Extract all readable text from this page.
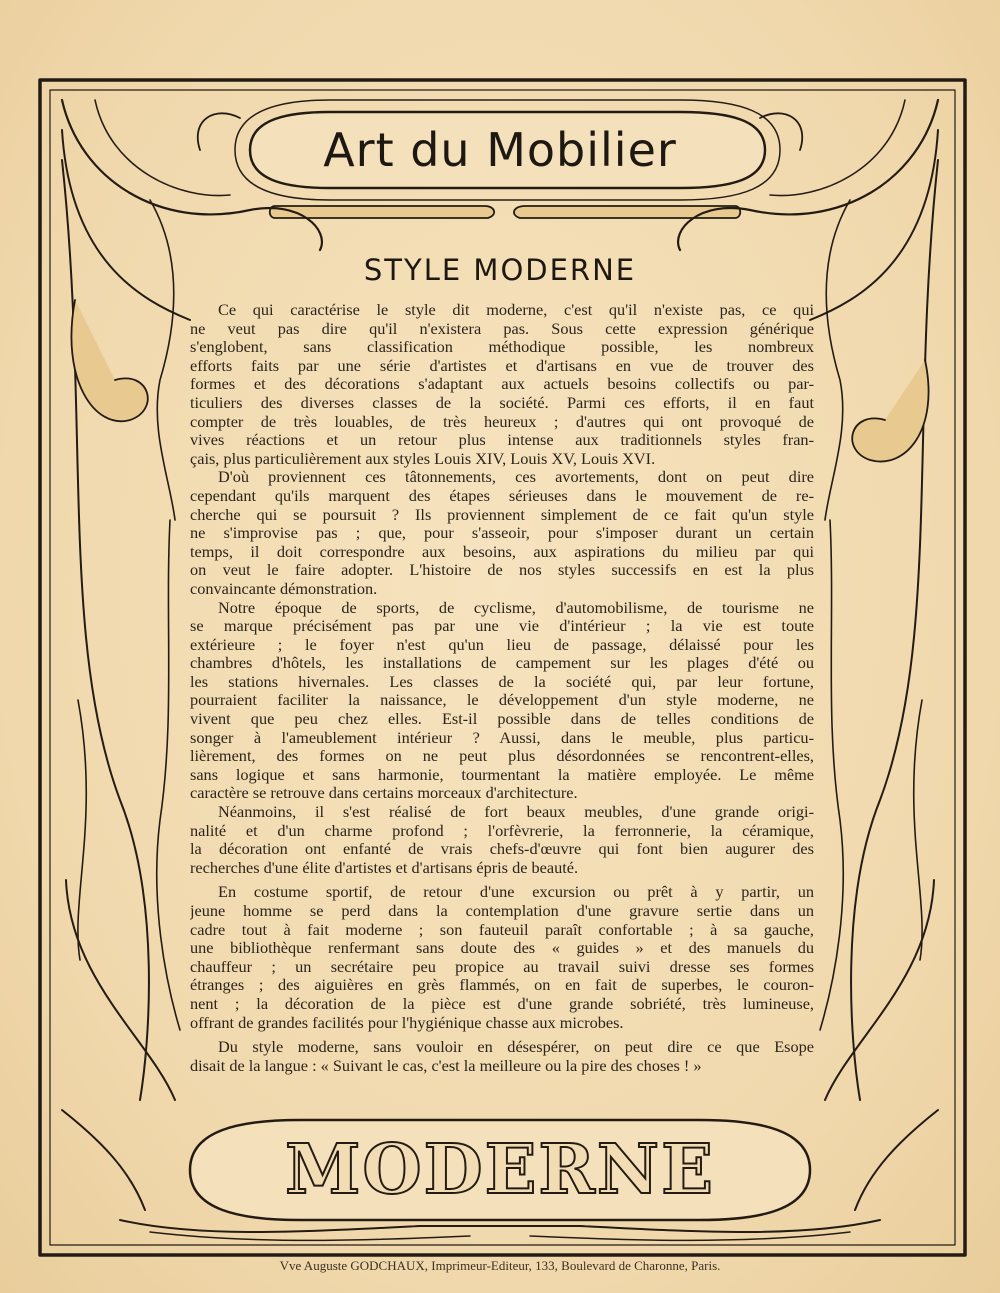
Art du Mobilier
STYLE MODERNE
Ce qui caractérise le style dit moderne, c'est qu'il n'existe pas, ce qui
ne veut pas dire qu'il n'existera pas. Sous cette expression générique
s'englobent, sans classification méthodique possible, les nombreux
efforts faits par une série d'artistes et d'artisans en vue de trouver des
formes et des décorations s'adaptant aux actuels besoins collectifs ou par-
ticuliers des diverses classes de la société. Parmi ces efforts, il en faut
compter de très louables, de très heureux ; d'autres qui ont provoqué de
vives réactions et un retour plus intense aux traditionnels styles fran-
çais, plus particulièrement aux styles Louis XIV, Louis XV, Louis XVI.
D'où proviennent ces tâtonnements, ces avortements, dont on peut dire
cependant qu'ils marquent des étapes sérieuses dans le mouvement de re-
cherche qui se poursuit ? Ils proviennent simplement de ce fait qu'un style
ne s'improvise pas ; que, pour s'asseoir, pour s'imposer durant un certain
temps, il doit correspondre aux besoins, aux aspirations du milieu par qui
on veut le faire adopter. L'histoire de nos styles successifs en est la plus
convaincante démonstration.
Notre époque de sports, de cyclisme, d'automobilisme, de tourisme ne
se marque précisément pas par une vie d'intérieur ; la vie est toute
extérieure ; le foyer n'est qu'un lieu de passage, délaissé pour les
chambres d'hôtels, les installations de campement sur les plages d'été ou
les stations hivernales. Les classes de la société qui, par leur fortune,
pourraient faciliter la naissance, le développement d'un style moderne, ne
vivent que peu chez elles. Est-il possible dans de telles conditions de
songer à l'ameublement intérieur ? Aussi, dans le meuble, plus particu-
lièrement, des formes on ne peut plus désordonnées se rencontrent-elles,
sans logique et sans harmonie, tourmentant la matière employée. Le même
caractère se retrouve dans certains morceaux d'architecture.
Néanmoins, il s'est réalisé de fort beaux meubles, d'une grande origi-
nalité et d'un charme profond ; l'orfèvrerie, la ferronnerie, la céramique,
la décoration ont enfanté de vrais chefs-d'œuvre qui font bien augurer des
recherches d'une élite d'artistes et d'artisans épris de beauté.
En costume sportif, de retour d'une excursion ou prêt à y partir, un
jeune homme se perd dans la contemplation d'une gravure sertie dans un
cadre tout à fait moderne ; son fauteuil paraît confortable ; à sa gauche,
une bibliothèque renfermant sans doute des « guides » et des manuels du
chauffeur ; un secrétaire peu propice au travail suivi dresse ses formes
étranges ; des aiguières en grès flammés, on en fait de superbes, le couron-
nent ; la décoration de la pièce est d'une grande sobriété, très lumineuse,
offrant de grandes facilités pour l'hygiénique chasse aux microbes.
Du style moderne, sans vouloir en désespérer, on peut dire ce que Esope
disait de la langue : « Suivant le cas, c'est la meilleure ou la pire des choses ! »
MODERNE
Vve Auguste GODCHAUX, Imprimeur-Editeur, 133, Boulevard de Charonne, Paris.
